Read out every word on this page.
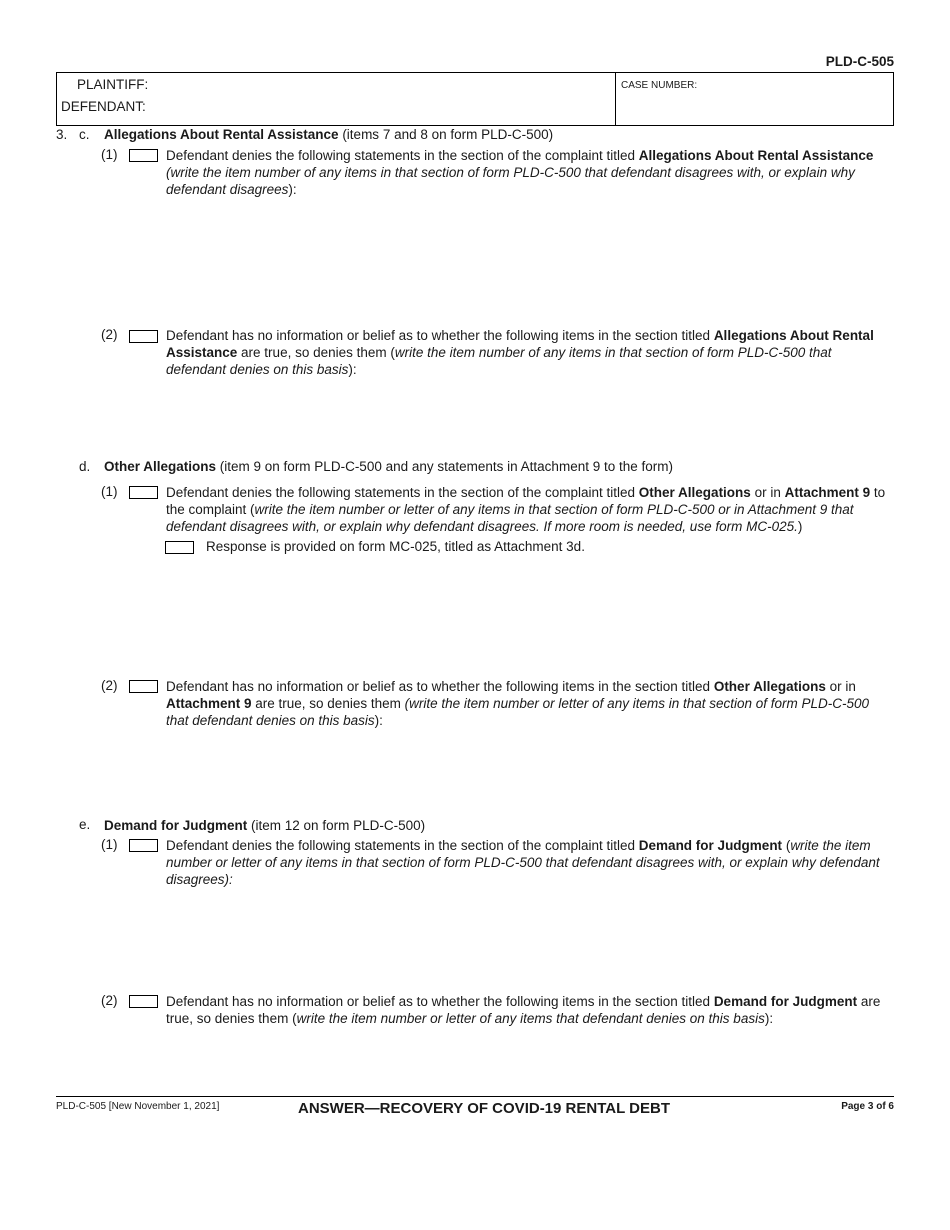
PLD-C-505
PLAINTIFF:
DEFENDANT:
CASE NUMBER:
3. c. Allegations About Rental Assistance (items 7 and 8 on form PLD-C-500)
(1)	Defendant denies the following statements in the section of the complaint titled Allegations About Rental Assistance (write the item number of any items in that section of form PLD-C-500 that defendant disagrees with, or explain why defendant disagrees):
(2)	Defendant has no information or belief as to whether the following items in the section titled Allegations About Rental Assistance are true, so denies them (write the item number of any items in that section of form PLD-C-500 that defendant denies on this basis):
d. Other Allegations (item 9 on form PLD-C-500 and any statements in Attachment 9 to the form)
(1)	Defendant denies the following statements in the section of the complaint titled Other Allegations or in Attachment 9 to the complaint (write the item number or letter of any items in that section of form PLD-C-500 or in Attachment 9 that defendant disagrees with, or explain why defendant disagrees. If more room is needed, use form MC-025.)
Response is provided on form MC-025, titled as Attachment 3d.
(2)	Defendant has no information or belief as to whether the following items in the section titled Other Allegations or in Attachment 9 are true, so denies them (write the item number or letter of any items in that section of form PLD-C-500 that defendant denies on this basis):
e. Demand for Judgment (item 12 on form PLD-C-500)
(1)	Defendant denies the following statements in the section of the complaint titled Demand for Judgment (write the item number or letter of any items in that section of form PLD-C-500 that defendant disagrees with, or explain why defendant disagrees):
(2)	Defendant has no information or belief as to whether the following items in the section titled Demand for Judgment are true, so denies them (write the item number or letter of any items that defendant denies on this basis):
PLD-C-505 [New November 1, 2021]	ANSWER—RECOVERY OF COVID-19 RENTAL DEBT	Page 3 of 6
